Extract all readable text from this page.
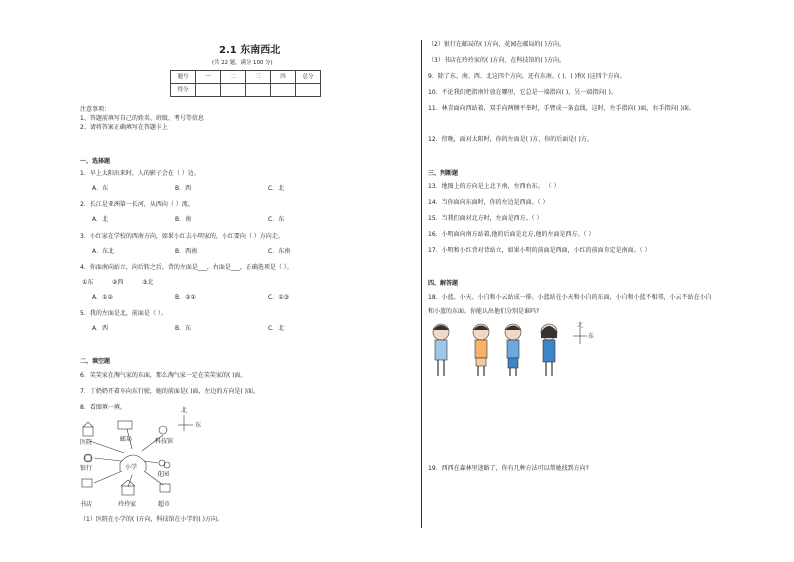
2.1 东南西北
(共 22 题，满分 100 分)
题号	一	二	三	四	总分
得分					
注意事项：
1、答题前填写自己的姓名、班级、考号等信息
2、请将答案正确填写在答题卡上
一、选择题
1．早上太阳出来时，人的影子会在（ ）边。
A．东	B．西	C．北
2．长江是亚洲第一长河，从西向（ ）流。
A．北	B．南	C．东
3．小红家在学校的西南方向，如果小红去小明家的，小红要向（ ）方向走。
A．东北	B．西南	C．东南
4．你面南向站立，向后转之后，背的左面是___，右面是___，正确选项是（ ）。
①东	②西	③北
A．①②	B．②①	C．①③
5．我的左面是北，前面是（ ）。
A．西	B．东	C．北
二、填空题
6．笑笑家在淘气家的东面，那么淘气家一定在笑笑家的( )面。
7．丁奶奶开着车向东行驶，她的前面是( )面，左边的方向是( )面。
8．看图填一填。	北
东
医院	邮局	科技馆
银行	小学
花园
书店	玲玲家	超市
（1）医院在小学的( )方向，科技馆在小学的( )方向。
（2）银行在邮局的( )方向，花园在邮局的( )方向。
（3）书店在玲玲家的( )方向，在科技馆的( )方向。
9．除了东、南、西、北这四个方向，还有东南、( )、( )和( )这四个方向。
10．不论我们把指南针放在哪里，它总是一端指向( )，另一端指向( )。
11．林青面向西站着，双手向两侧平举时，手臂成一条直线，这时，左手指向( )面，右手指向( )面。
12．傍晚，面对太阳时，你的左面是( )方，你的后面是( )方。
三、判断题
13．地图上的方向是上北下南，左西右东。 （ ）
14．当你面向东面时，你的左边是西面。（ ）
15．当我们面对北方时，左面是西方。（ ）
16．小明面向南方站着,他的后面是北方,他的左面是西方。（ ）
17．小明和小红背对背站立，如果小明的前面是西面，小红的前面肯定是南面。（ ）
四、解答题
18．小蓝、小天、小白和小云站成一排。小蓝站在小天和小白的东面，小白和小蓝不相邻，小云不站在小白
和小蓝的东面。你能认出他们分别是谁吗?
北
东
19．西西在森林里迷路了，你有几种方法可以帮她找到方向?
